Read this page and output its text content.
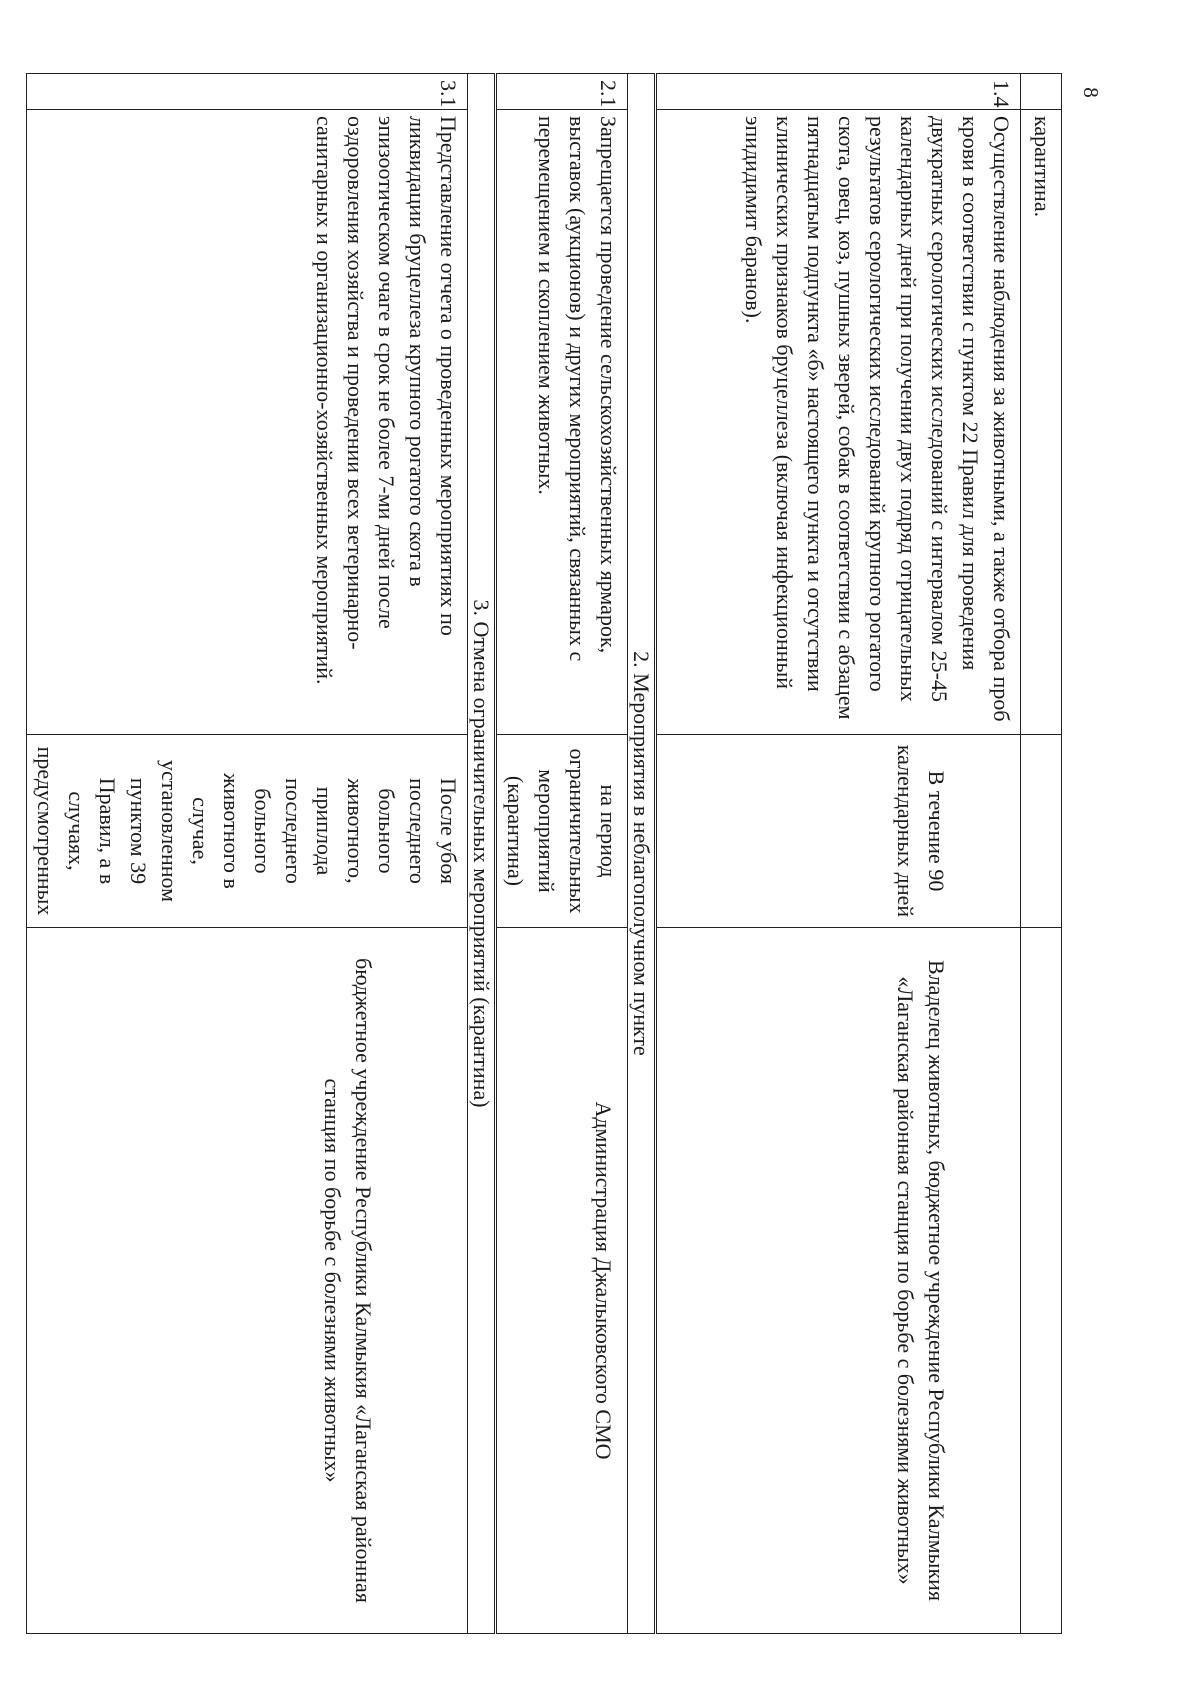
8
	карантина.		
1.4	Осуществление наблюдения за животными, а также отбора проб крови в соответствии с пунктом 22 Правил для проведения двукратных серологических исследований с интервалом 25-45 календарных дней при получении двух подряд отрицательных результатов серологических исследований крупного рогатого скота, овец, коз, пушных зверей, собак в соответствии с абзацем пятнадцатым подпункта «б» настоящего пункта и отсутствии клинических признаков бруцеллеза (включая инфекционный эпидидимит баранов).	В течение 90 календарных дней	Владелец животных, бюджетное учреждение Республики Калмыкия «Лаганская районная станция по борьбе с болезнями животных»
2. Мероприятия в неблагополучном пункте			
2.1	Запрещается проведение сельскохозяйственных ярмарок, выставок (аукционов) и других мероприятий, связанных с перемещением и скоплением животных.	на период ограничительных мероприятий (карантина)	Администрация Джалыковского СМО
3. Отмена ограничительных мероприятий (карантина)			
3.1	Представление отчета о проведенных мероприятиях по ликвидации бруцеллеза крупного рогатого скота в эпизоотическом очаге в срок не более 7-ми дней после оздоровления хозяйства и проведении всех ветеринарно-санитарных и организационно-хозяйственных мероприятий.	После убоя последнего больного животного, приплода последнего больного животного в случае, установленном пунктом 39 Правил, а в случаях, предусмотренных	бюджетное учреждение Республики Калмыкия «Лаганская районная станция по борьбе с болезнями животных»
